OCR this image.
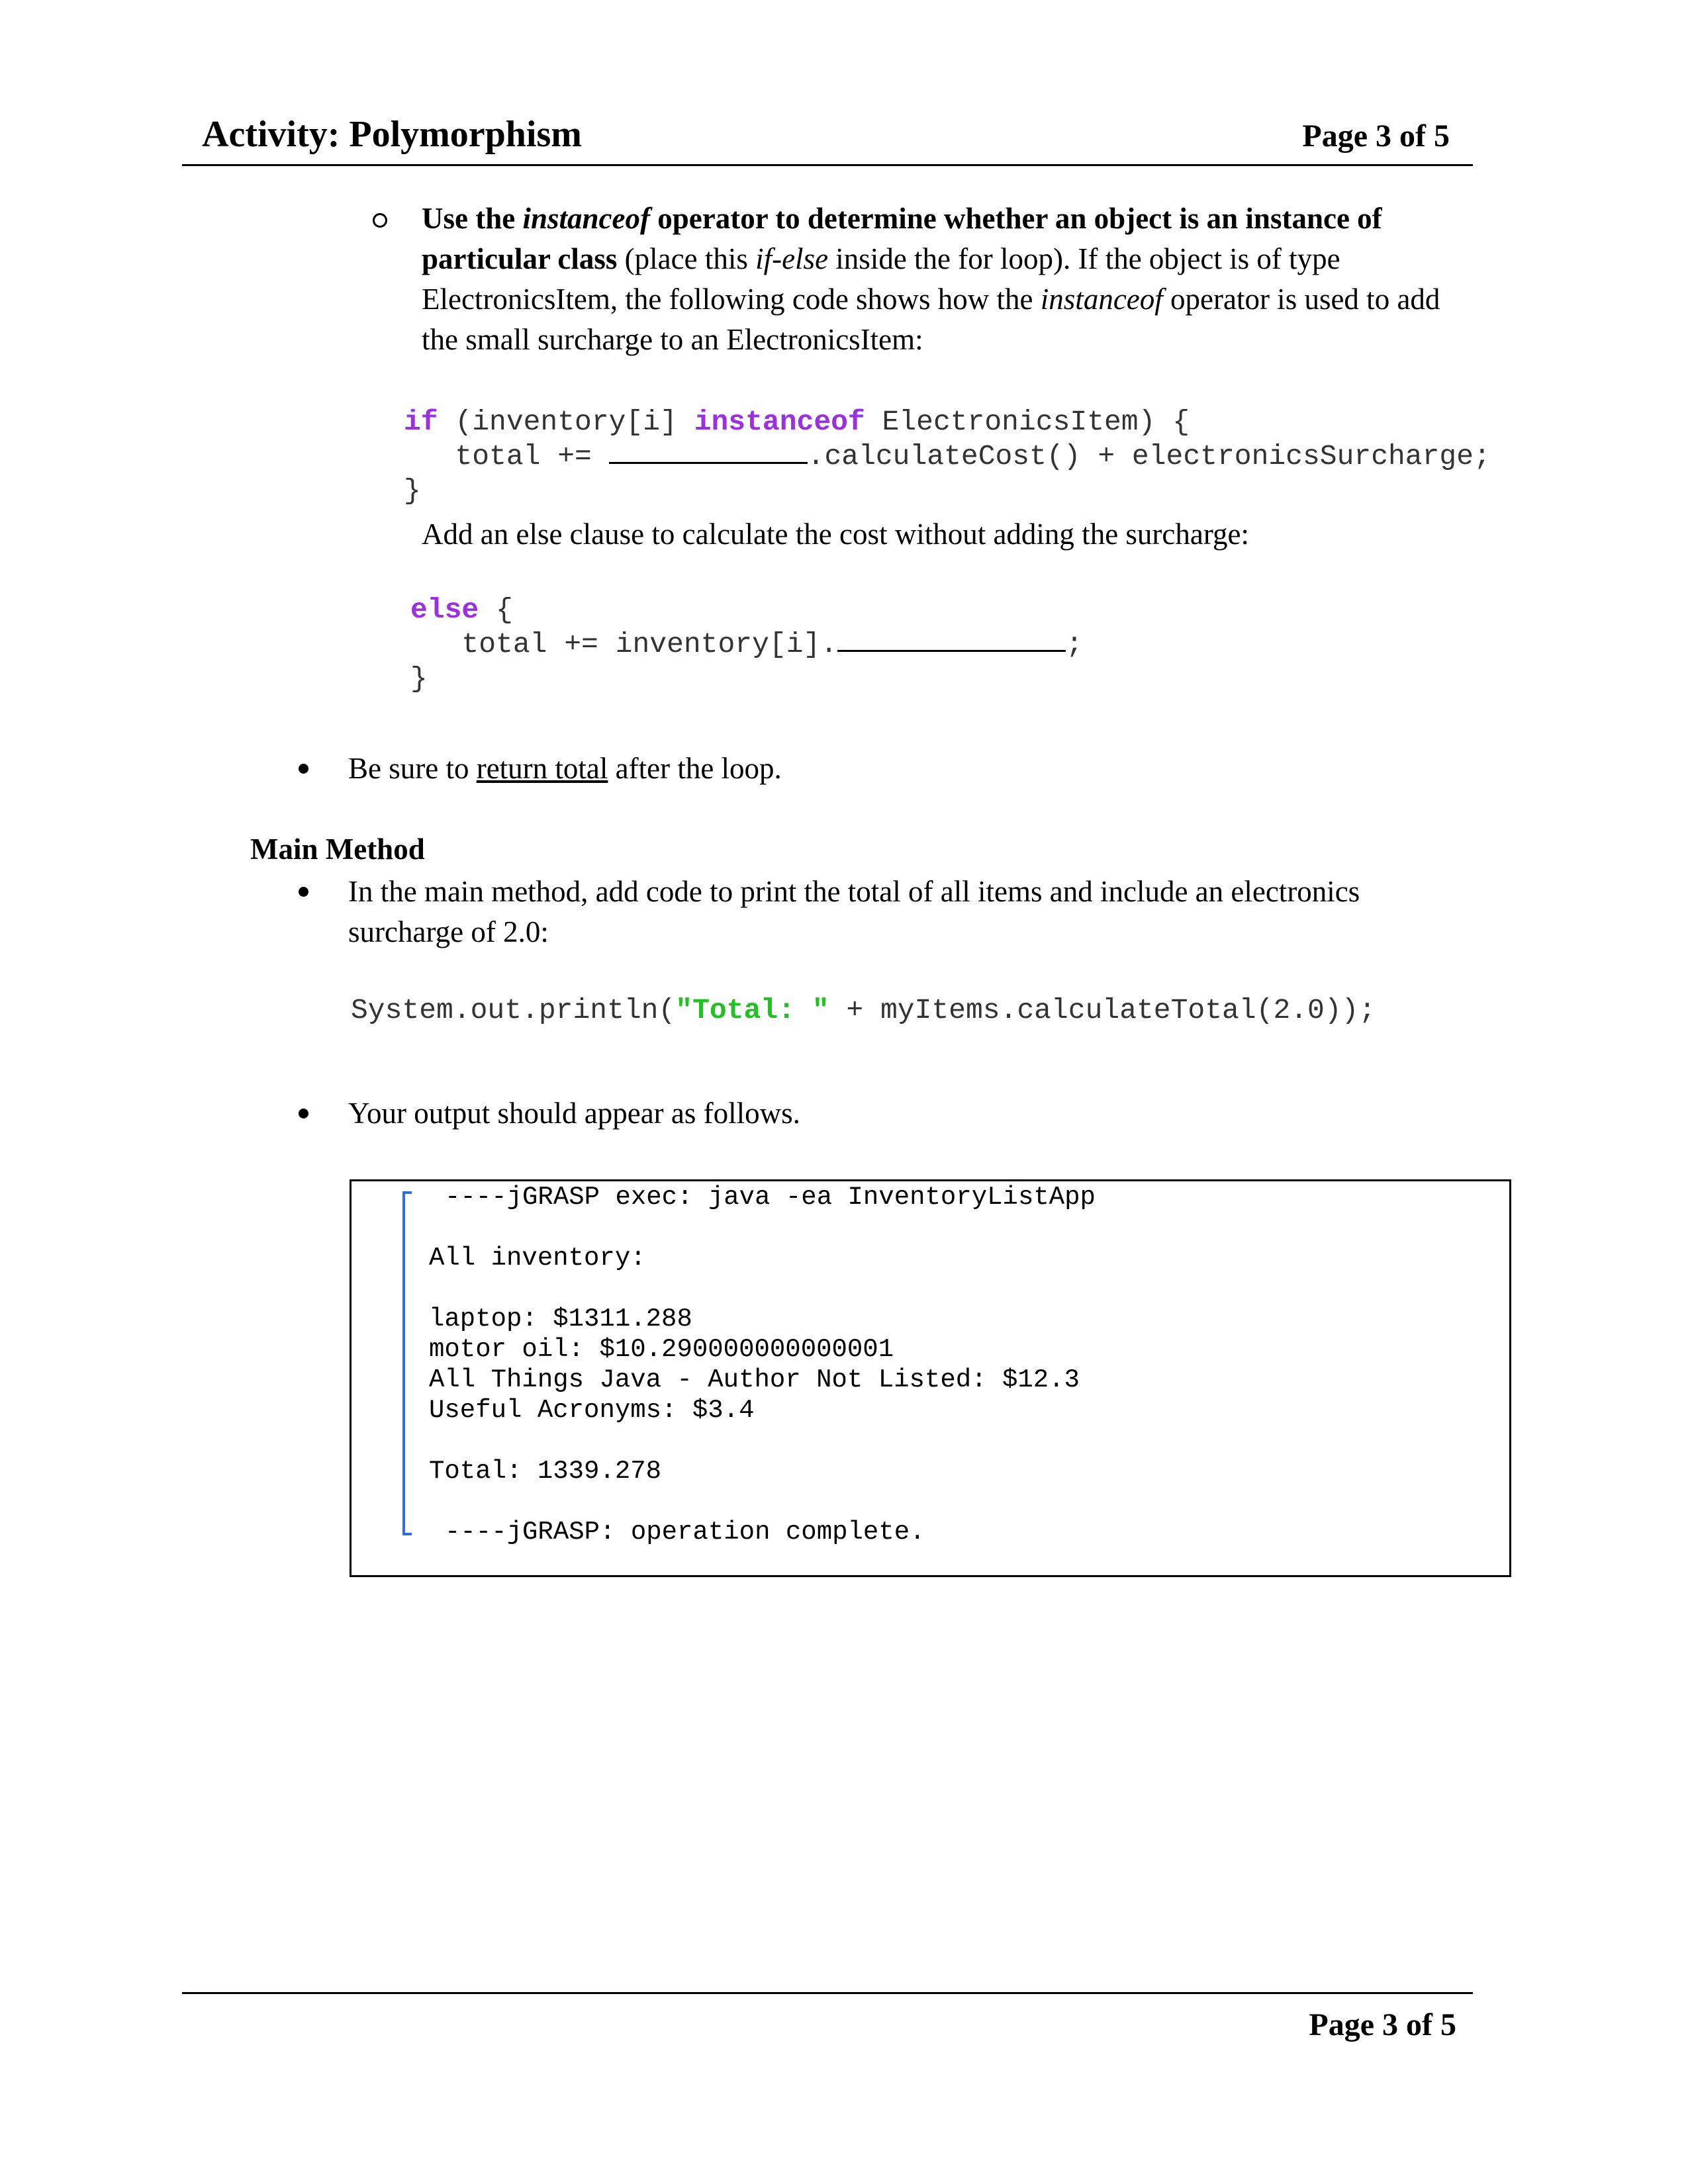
Activity: Polymorphism	Page 3 of 5
Use the instanceof operator to determine whether an object is an instance of
particular class (place this if-else inside the for loop). If the object is of type
ElectronicsItem, the following code shows how the instanceof operator is used to add
the small surcharge to an ElectronicsItem:
if (inventory[i] instanceof ElectronicsItem) {
total +=	.calculateCost() + electronicsSurcharge;
}
Add an else clause to calculate the cost without adding the surcharge:
else {
total += inventory[i].	;
}
Be sure to return total after the loop.
Main Method
In the main method, add code to print the total of all items and include an electronics
surcharge of 2.0:
System.out.println("Total: " + myItems.calculateTotal(2.0));
Your output should appear as follows.
----jGRASP exec: java -ea InventoryListApp
All inventory:
laptop: $1311.288
motor oil: $10.290000000000001
All Things Java - Author Not Listed: $12.3
Useful Acronyms: $3.4
Total: 1339.278
----jGRASP: operation complete.
Page 3 of 5
